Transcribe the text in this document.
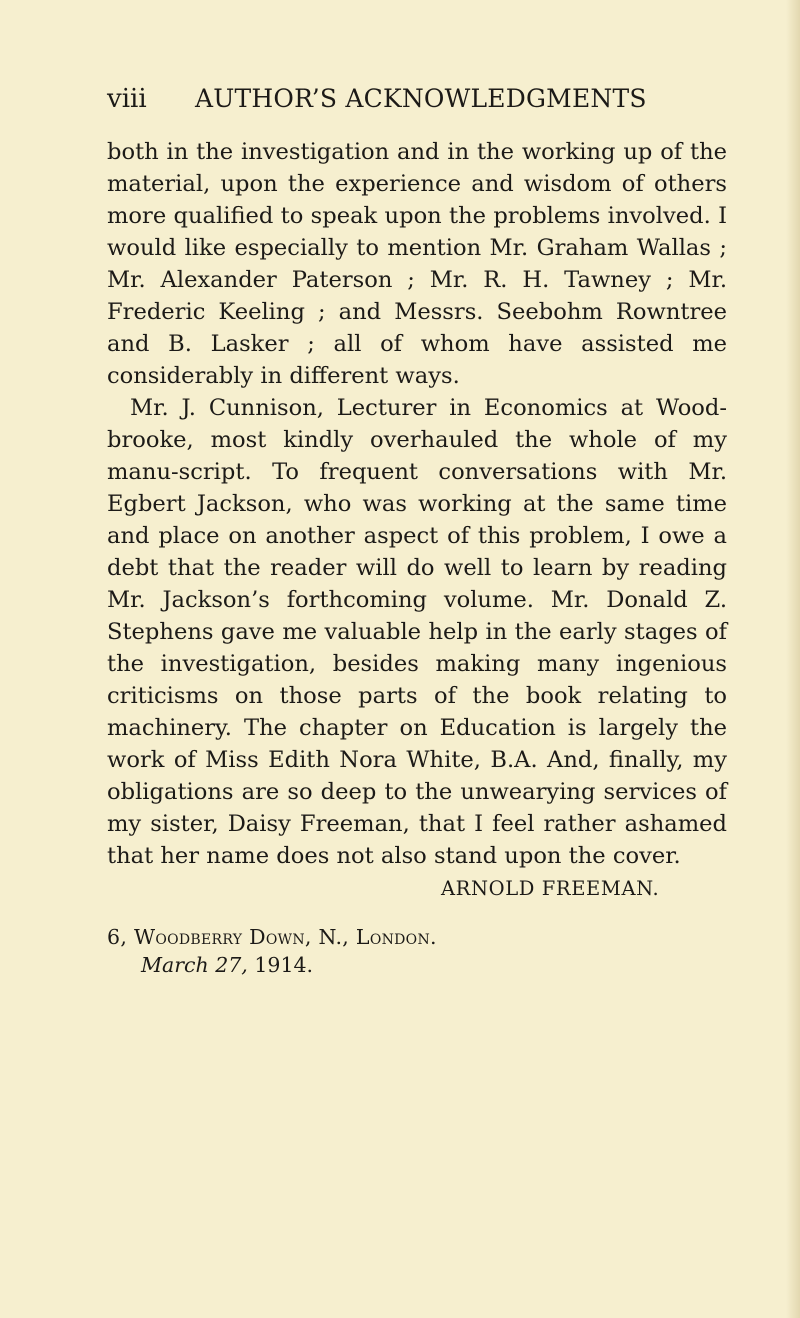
viii	AUTHOR’S ACKNOWLEDGMENTS

both in the investigation and in the working up of the material, upon the experience and wisdom of others more qualified to speak upon the problems involved. I would like especially to mention Mr. Graham Wallas ; Mr. Alexander Paterson ; Mr. R. H. Tawney ; Mr. Frederic Keeling ; and Messrs. Seebohm Rowntree and B. Lasker ; all of whom have assisted me considerably in different ways.

Mr. J. Cunnison, Lecturer in Economics at Wood-brooke, most kindly overhauled the whole of my manu-script. To frequent conversations with Mr. Egbert Jackson, who was working at the same time and place on another aspect of this problem, I owe a debt that the reader will do well to learn by reading Mr. Jackson’s forthcoming volume. Mr. Donald Z. Stephens gave me valuable help in the early stages of the investigation, besides making many ingenious criticisms on those parts of the book relating to machinery. The chapter on Education is largely the work of Miss Edith Nora White, B.A. And, finally, my obligations are so deep to the unwearying services of my sister, Daisy Freeman, that I feel rather ashamed that her name does not also stand upon the cover.

ARNOLD FREEMAN.
6, Woodberry Down, N., London.
March 27, 1914.
